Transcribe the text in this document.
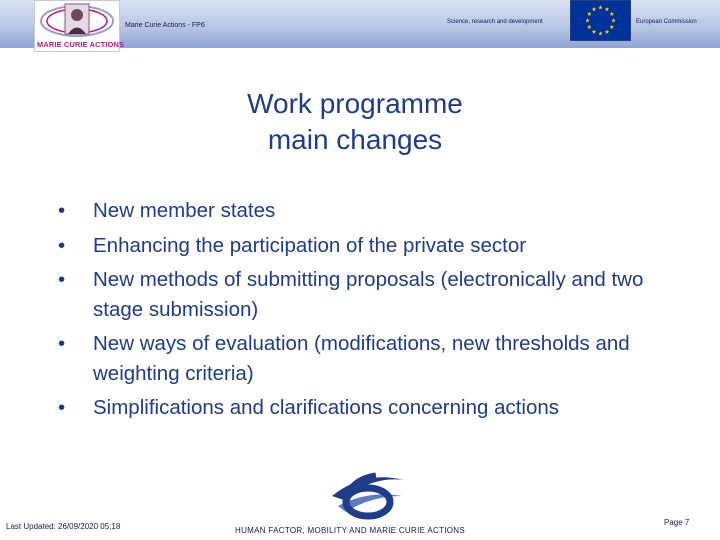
MARIE CURIE ACTIONS
Marie Curie Actions - FP6	Science, research and development	European Commission
Work programme
main changes
•	New member states
•	Enhancing the participation of the private sector
•	New methods of submitting proposals (electronically and two stage submission)
•	New ways of evaluation (modifications, new thresholds and weighting criteria)
•	Simplifications and clarifications concerning actions
Last Updated: 26/09/2020 05:18	HUMAN FACTOR, MOBILITY AND MARIE CURIE ACTIONS
Page 7
